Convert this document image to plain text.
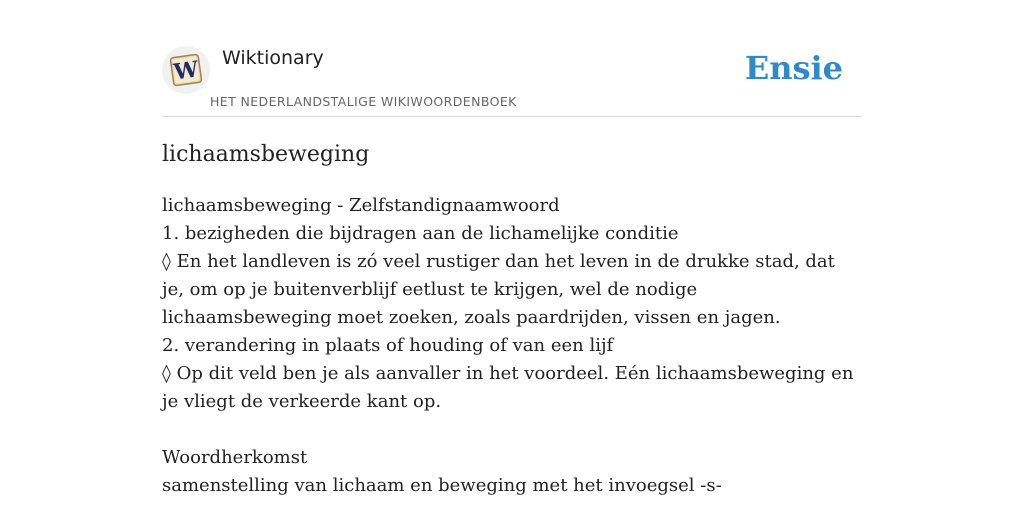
W Wiktionary
HET NEDERLANDSTALIGE WIKIWOORDENBOEK
Ensie
lichaamsbeweging
lichaamsbeweging - Zelfstandignaamwoord
1. bezigheden die bijdragen aan de lichamelijke conditie
◊ En het landleven is zó veel rustiger dan het leven in de drukke stad, dat je, om op je buitenverblijf eetlust te krijgen, wel de nodige lichaamsbeweging moet zoeken, zoals paardrijden, vissen en jagen.
2. verandering in plaats of houding of van een lijf
◊ Op dit veld ben je als aanvaller in het voordeel. Eén lichaamsbeweging en je vliegt de verkeerde kant op.
Woordherkomst
samenstelling van lichaam en beweging met het invoegsel -s-
